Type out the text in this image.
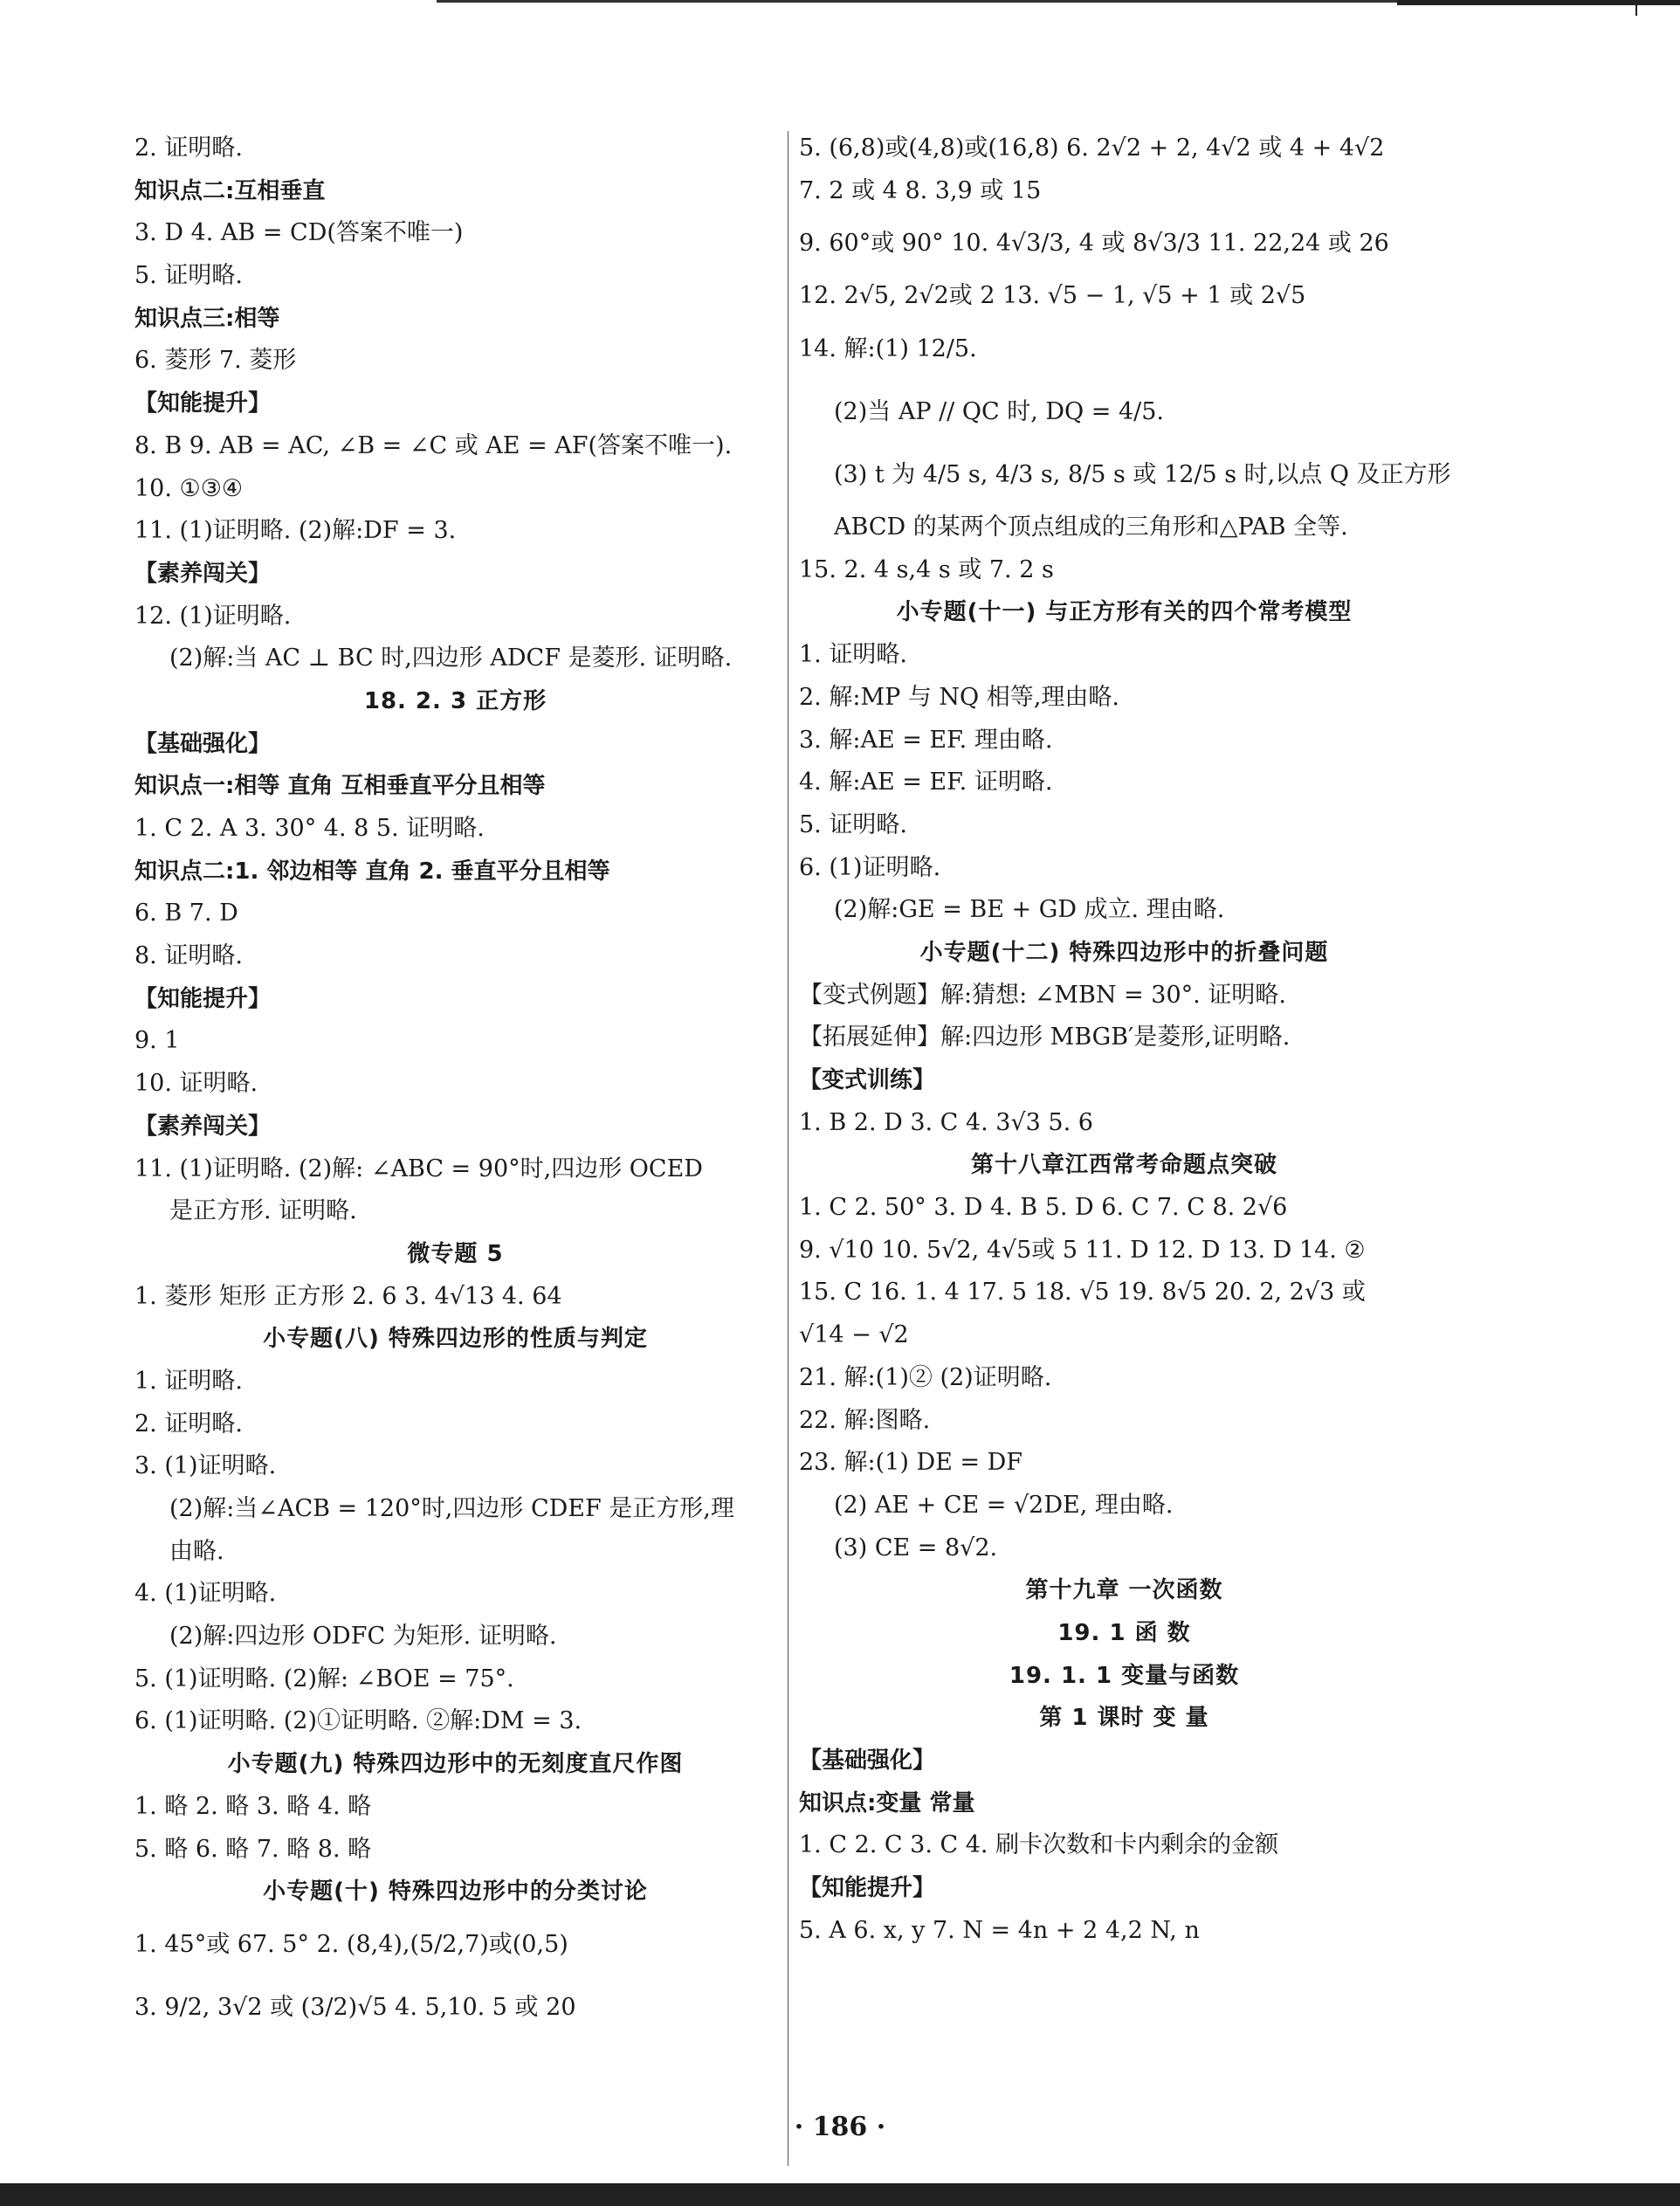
2. 证明略.
知识点二:互相垂直
3. D 4. AB = CD(答案不唯一)
5. 证明略.
知识点三:相等
6. 菱形 7. 菱形
【知能提升】
8. B 9. AB = AC, ∠B = ∠C 或 AE = AF(答案不唯一).
10. ①③④
11. (1)证明略. (2)解:DF = 3.
【素养闯关】
12. (1)证明略.
(2)解:当 AC ⊥ BC 时,四边形 ADCF 是菱形. 证明略.
18. 2. 3 正方形
【基础强化】
知识点一:相等 直角 互相垂直平分且相等
1. C 2. A 3. 30° 4. 8 5. 证明略.
知识点二:1. 邻边相等 直角 2. 垂直平分且相等
6. B 7. D
8. 证明略.
【知能提升】
9. 1
10. 证明略.
【素养闯关】
11. (1)证明略. (2)解: ∠ABC = 90°时,四边形 OCED
是正方形. 证明略.
微专题 5
1. 菱形 矩形 正方形 2. 6 3. 4√13 4. 64
小专题(八) 特殊四边形的性质与判定
1. 证明略.
2. 证明略.
3. (1)证明略.
(2)解:当∠ACB = 120°时,四边形 CDEF 是正方形,理
由略.
4. (1)证明略.
(2)解:四边形 ODFC 为矩形. 证明略.
5. (1)证明略. (2)解: ∠BOE = 75°.
6. (1)证明略. (2)①证明略. ②解:DM = 3.
小专题(九) 特殊四边形中的无刻度直尺作图
1. 略 2. 略 3. 略 4. 略
5. 略 6. 略 7. 略 8. 略
小专题(十) 特殊四边形中的分类讨论
1. 45°或 67. 5° 2. (8,4),(5/2,7)或(0,5)
3. 9/2, 3√2 或 (3/2)√5 4. 5,10. 5 或 20
5. (6,8)或(4,8)或(16,8) 6. 2√2 + 2, 4√2 或 4 + 4√2
7. 2 或 4 8. 3,9 或 15
9. 60°或 90° 10. 4√3/3, 4 或 8√3/3 11. 22,24 或 26
12. 2√5, 2√2或 2 13. √5 − 1, √5 + 1 或 2√5
14. 解:(1) 12/5.
(2)当 AP // QC 时, DQ = 4/5.
(3) t 为 4/5 s, 4/3 s, 8/5 s 或 12/5 s 时,以点 Q 及正方形
ABCD 的某两个顶点组成的三角形和△PAB 全等.
15. 2. 4 s,4 s 或 7. 2 s
小专题(十一) 与正方形有关的四个常考模型
1. 证明略.
2. 解:MP 与 NQ 相等,理由略.
3. 解:AE = EF. 理由略.
4. 解:AE = EF. 证明略.
5. 证明略.
6. (1)证明略.
(2)解:GE = BE + GD 成立. 理由略.
小专题(十二) 特殊四边形中的折叠问题
【变式例题】解:猜想: ∠MBN = 30°. 证明略.
【拓展延伸】解:四边形 MBGB′是菱形,证明略.
【变式训练】
1. B 2. D 3. C 4. 3√3 5. 6
第十八章江西常考命题点突破
1. C 2. 50° 3. D 4. B 5. D 6. C 7. C 8. 2√6
9. √10 10. 5√2, 4√5或 5 11. D 12. D 13. D 14. ②
15. C 16. 1. 4 17. 5 18. √5 19. 8√5 20. 2, 2√3 或
√14 − √2
21. 解:(1)② (2)证明略.
22. 解:图略.
23. 解:(1) DE = DF
(2) AE + CE = √2DE, 理由略.
(3) CE = 8√2.
第十九章 一次函数
19. 1 函 数
19. 1. 1 变量与函数
第 1 课时 变 量
【基础强化】
知识点:变量 常量
1. C 2. C 3. C 4. 刷卡次数和卡内剩余的金额
【知能提升】
5. A 6. x, y 7. N = 4n + 2 4,2 N, n
· 186 ·
